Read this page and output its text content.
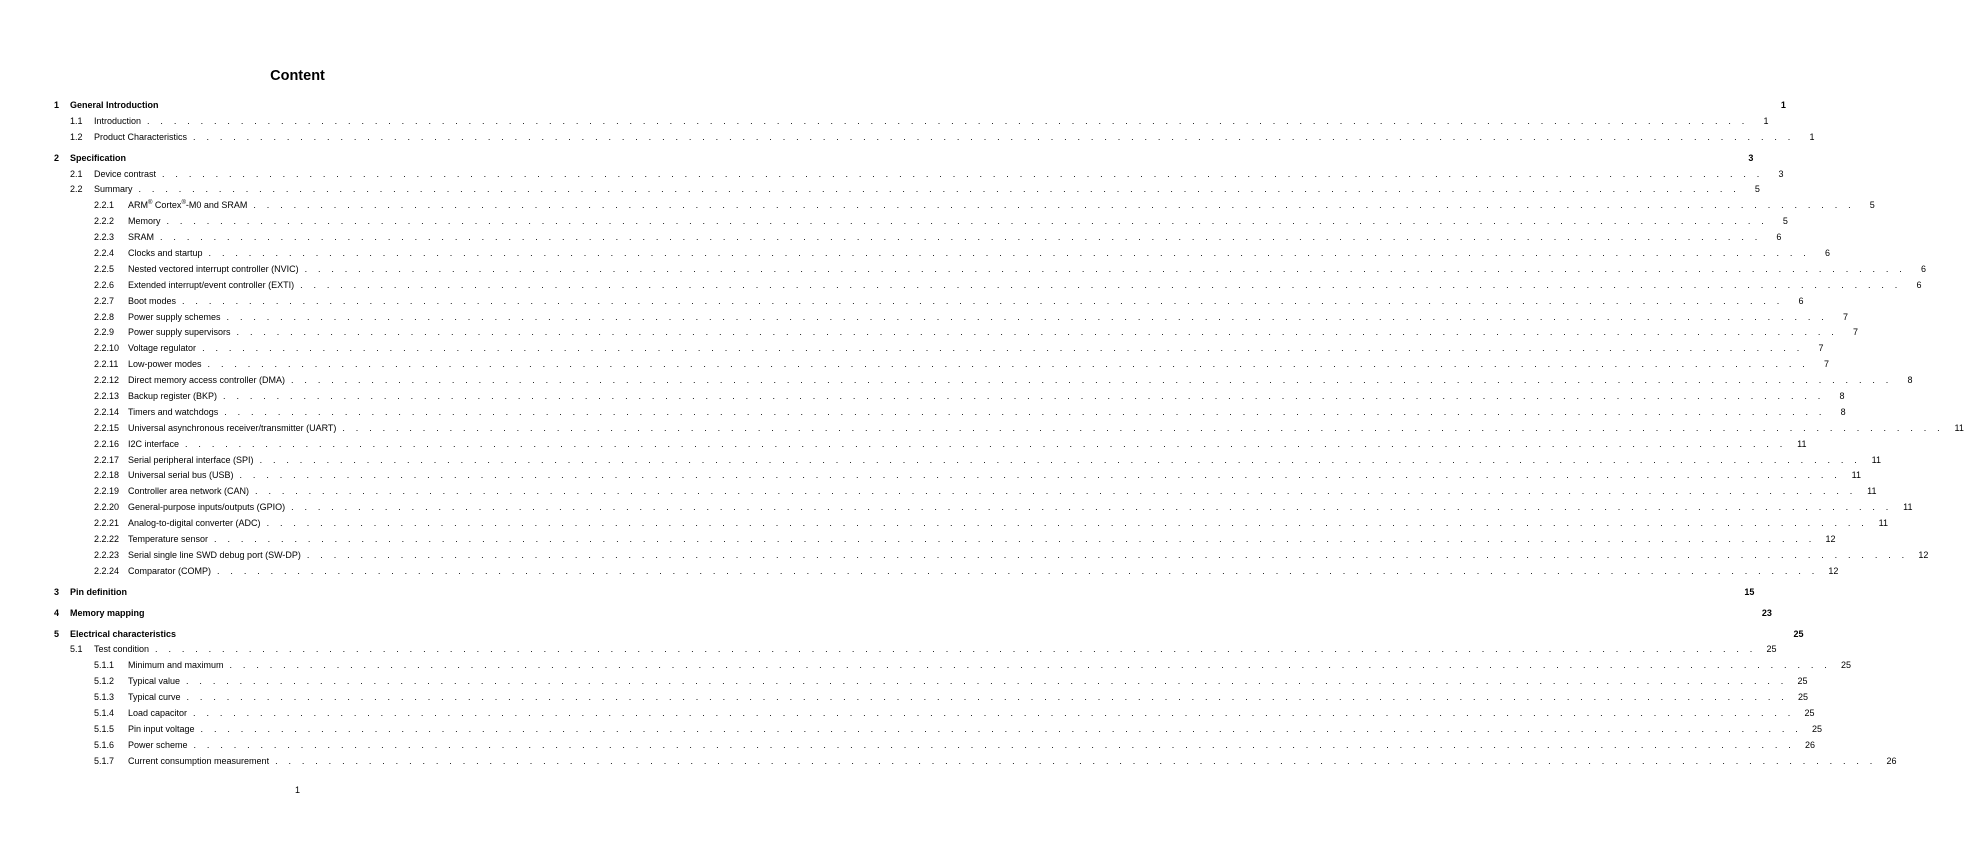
Content
1	General Introduction	1
1.1	Introduction . . . . . . . . . . . . . . . . . . . . . . . . . . . . . . . . . . . . . . . . . . . . . . . . . . . . . . . . . . . . . . . . . . . . . . . . . . . . . . . . . . . . . . . . . . . . . . . . . . . . . . . . . . . . . . . . . . . . . . . .	1
1.2	Product Characteristics . . . . . . . . . . . . . . . . . . . . . . . . . . . . . . . . . . . . . . . . . . . . . . . . . . . . . . . . . . . . . . . . . . . . . . . . . . . . . . . . . . . . . . . . . . . . . . . . . . . . . . . . . . . . . . . . . . . . . . . .	1
2	Specification	3
2.1	Device contrast . . . . . . . . . . . . . . . . . . . . . . . . . . . . . . . . . . . . . . . . . . . . . . . . . . . . . . . . . . . . . . . . . . . . . . . . . . . . . . . . . . . . . . . . . . . . . . . . . . . . . . . . . . . . . . . . . . . . . . . .	3
2.2	Summary . . . . . . . . . . . . . . . . . . . . . . . . . . . . . . . . . . . . . . . . . . . . . . . . . . . . . . . . . . . . . . . . . . . . . . . . . . . . . . . . . . . . . . . . . . . . . . . . . . . . . . . . . . . . . . . . . . . . . . . .	5
2.2.1	ARM® Cortex®-M0 and SRAM . . . . . . . . . . . . . . . . . . . . . . . . . . . . . . . . . . . . . . . . . . . . . . . . . . . . . . . . . . . . . . . . . . . . . . . . . . . . . . . . . . . . . . . . . . . . . . . . . . . . . . . . . . . . . . . . . . . . . . . .	5
2.2.2	Memory . . . . . . . . . . . . . . . . . . . . . . . . . . . . . . . . . . . . . . . . . . . . . . . . . . . . . . . . . . . . . . . . . . . . . . . . . . . . . . . . . . . . . . . . . . . . . . . . . . . . . . . . . . . . . . . . . . . . . . . .	5
2.2.3	SRAM . . . . . . . . . . . . . . . . . . . . . . . . . . . . . . . . . . . . . . . . . . . . . . . . . . . . . . . . . . . . . . . . . . . . . . . . . . . . . . . . . . . . . . . . . . . . . . . . . . . . . . . . . . . . . . . . . . . . . . . .	6
2.2.4	Clocks and startup . . . . . . . . . . . . . . . . . . . . . . . . . . . . . . . . . . . . . . . . . . . . . . . . . . . . . . . . . . . . . . . . . . . . . . . . . . . . . . . . . . . . . . . . . . . . . . . . . . . . . . . . . . . . . . . . . . . . . . . .	6
2.2.5	Nested vectored interrupt controller (NVIC) . . . . . . . . . . . . . . . . . . . . . . . . . . . . . . . . . . . . . . . . . . . . . . . . . . . . . . . . . . . . . . . . . . . . . . . . . . . . . . . . . . . . . . . . . . . . . . . . . . . . . . . . . . . . . . . . . . . . . . . .	6
2.2.6	Extended interrupt/event controller (EXTI) . . . . . . . . . . . . . . . . . . . . . . . . . . . . . . . . . . . . . . . . . . . . . . . . . . . . . . . . . . . . . . . . . . . . . . . . . . . . . . . . . . . . . . . . . . . . . . . . . . . . . . . . . . . . . . . . . . . . . . . .	6
2.2.7	Boot modes . . . . . . . . . . . . . . . . . . . . . . . . . . . . . . . . . . . . . . . . . . . . . . . . . . . . . . . . . . . . . . . . . . . . . . . . . . . . . . . . . . . . . . . . . . . . . . . . . . . . . . . . . . . . . . . . . . . . . . . .	6
2.2.8	Power supply schemes . . . . . . . . . . . . . . . . . . . . . . . . . . . . . . . . . . . . . . . . . . . . . . . . . . . . . . . . . . . . . . . . . . . . . . . . . . . . . . . . . . . . . . . . . . . . . . . . . . . . . . . . . . . . . . . . . . . . . . . .	7
2.2.9	Power supply supervisors . . . . . . . . . . . . . . . . . . . . . . . . . . . . . . . . . . . . . . . . . . . . . . . . . . . . . . . . . . . . . . . . . . . . . . . . . . . . . . . . . . . . . . . . . . . . . . . . . . . . . . . . . . . . . . . . . . . . . . . .	7
2.2.10 Voltage regulator . . . . . . . . . . . . . . . . . . . . . . . . . . . . . . . . . . . . . . . . . . . . . . . . . . . . . . . . . . . . . . . . . . . . . . . . . . . . . . . . . . . . . . . . . . . . . . . . . . . . . . . . . . . . . . . . . . . . . . . .	7
2.2.11	Low-power modes . . . . . . . . . . . . . . . . . . . . . . . . . . . . . . . . . . . . . . . . . . . . . . . . . . . . . . . . . . . . . . . . . . . . . . . . . . . . . . . . . . . . . . . . . . . . . . . . . . . . . . . . . . . . . . . . . . . . . . . .	7
2.2.12 Direct memory access controller (DMA) . . . . . . . . . . . . . . . . . . . . . . . . . . . . . . . . . . . . . . . . . . . . . . . . . . . . . . . . . . . . . . . . . . . . . . . . . . . . . . . . . . . . . . . . . . . . . . . . . . . . . . . . . . . . . . . . . . . . . . . .	8
2.2.13 Backup register (BKP) . . . . . . . . . . . . . . . . . . . . . . . . . . . . . . . . . . . . . . . . . . . . . . . . . . . . . . . . . . . . . . . . . . . . . . . . . . . . . . . . . . . . . . . . . . . . . . . . . . . . . . . . . . . . . . . . . . . . . . . .	8
2.2.14 Timers and watchdogs . . . . . . . . . . . . . . . . . . . . . . . . . . . . . . . . . . . . . . . . . . . . . . . . . . . . . . . . . . . . . . . . . . . . . . . . . . . . . . . . . . . . . . . . . . . . . . . . . . . . . . . . . . . . . . . . . . . . . . . .	8
2.2.15 Universal asynchronous receiver/transmitter (UART) . . . . . . . . . . . . . . . . . . . . . . . . . . . . . . . . . . . . . . . . . . . . . . . . . . . . . . . . . . . . . . . . . . . . . . . . . . . . . . . . . . . . . . . . . . . . . . . . . . . . . . . . . . . . . . . . . . . . . . . .	11
2.2.16 I2C interface . . . . . . . . . . . . . . . . . . . . . . . . . . . . . . . . . . . . . . . . . . . . . . . . . . . . . . . . . . . . . . . . . . . . . . . . . . . . . . . . . . . . . . . . . . . . . . . . . . . . . . . . . . . . . . . . . . . . . . . .	11
2.2.17 Serial peripheral interface (SPI) . . . . . . . . . . . . . . . . . . . . . . . . . . . . . . . . . . . . . . . . . . . . . . . . . . . . . . . . . . . . . . . . . . . . . . . . . . . . . . . . . . . . . . . . . . . . . . . . . . . . . . . . . . . . . . . . . . . . . . . .	11
2.2.18 Universal serial bus (USB) . . . . . . . . . . . . . . . . . . . . . . . . . . . . . . . . . . . . . . . . . . . . . . . . . . . . . . . . . . . . . . . . . . . . . . . . . . . . . . . . . . . . . . . . . . . . . . . . . . . . . . . . . . . . . . . . . . . . . . . .	11
2.2.19 Controller area network (CAN) . . . . . . . . . . . . . . . . . . . . . . . . . . . . . . . . . . . . . . . . . . . . . . . . . . . . . . . . . . . . . . . . . . . . . . . . . . . . . . . . . . . . . . . . . . . . . . . . . . . . . . . . . . . . . . . . . . . . . . . .	11
2.2.20 General-purpose inputs/outputs (GPIO) . . . . . . . . . . . . . . . . . . . . . . . . . . . . . . . . . . . . . . . . . . . . . . . . . . . . . . . . . . . . . . . . . . . . . . . . . . . . . . . . . . . . . . . . . . . . . . . . . . . . . . . . . . . . . . . . . . . . . . . .	11
2.2.21 Analog-to-digital converter (ADC) . . . . . . . . . . . . . . . . . . . . . . . . . . . . . . . . . . . . . . . . . . . . . . . . . . . . . . . . . . . . . . . . . . . . . . . . . . . . . . . . . . . . . . . . . . . . . . . . . . . . . . . . . . . . . . . . . . . . . . . .	11
2.2.22 Temperature sensor . . . . . . . . . . . . . . . . . . . . . . . . . . . . . . . . . . . . . . . . . . . . . . . . . . . . . . . . . . . . . . . . . . . . . . . . . . . . . . . . . . . . . . . . . . . . . . . . . . . . . . . . . . . . . . . . . . . . . . . .	12
2.2.23 Serial single line SWD debug port (SW-DP) . . . . . . . . . . . . . . . . . . . . . . . . . . . . . . . . . . . . . . . . . . . . . . . . . . . . . . . . . . . . . . . . . . . . . . . . . . . . . . . . . . . . . . . . . . . . . . . . . . . . . . . . . . . . . . . . . . . . . . . .	12
2.2.24 Comparator (COMP) . . . . . . . . . . . . . . . . . . . . . . . . . . . . . . . . . . . . . . . . . . . . . . . . . . . . . . . . . . . . . . . . . . . . . . . . . . . . . . . . . . . . . . . . . . . . . . . . . . . . . . . . . . . . . . . . . . . . . . . .	12
3	Pin definition	15
4	Memory mapping	23
5	Electrical characteristics	25
5.1	Test condition . . . . . . . . . . . . . . . . . . . . . . . . . . . . . . . . . . . . . . . . . . . . . . . . . . . . . . . . . . . . . . . . . . . . . . . . . . . . . . . . . . . . . . . . . . . . . . . . . . . . . . . . . . . . . . . . . . . . . . . .	25
5.1.1	Minimum and maximum . . . . . . . . . . . . . . . . . . . . . . . . . . . . . . . . . . . . . . . . . . . . . . . . . . . . . . . . . . . . . . . . . . . . . . . . . . . . . . . . . . . . . . . . . . . . . . . . . . . . . . . . . . . . . . . . . . . . . . . .	25
5.1.2	Typical value . . . . . . . . . . . . . . . . . . . . . . . . . . . . . . . . . . . . . . . . . . . . . . . . . . . . . . . . . . . . . . . . . . . . . . . . . . . . . . . . . . . . . . . . . . . . . . . . . . . . . . . . . . . . . . . . . . . . . . . .	25
5.1.3	Typical curve . . . . . . . . . . . . . . . . . . . . . . . . . . . . . . . . . . . . . . . . . . . . . . . . . . . . . . . . . . . . . . . . . . . . . . . . . . . . . . . . . . . . . . . . . . . . . . . . . . . . . . . . . . . . . . . . . . . . . . . .	25
5.1.4	Load capacitor . . . . . . . . . . . . . . . . . . . . . . . . . . . . . . . . . . . . . . . . . . . . . . . . . . . . . . . . . . . . . . . . . . . . . . . . . . . . . . . . . . . . . . . . . . . . . . . . . . . . . . . . . . . . . . . . . . . . . . . .	25
5.1.5	Pin input voltage . . . . . . . . . . . . . . . . . . . . . . . . . . . . . . . . . . . . . . . . . . . . . . . . . . . . . . . . . . . . . . . . . . . . . . . . . . . . . . . . . . . . . . . . . . . . . . . . . . . . . . . . . . . . . . . . . . . . . . . .	25
5.1.6	Power scheme . . . . . . . . . . . . . . . . . . . . . . . . . . . . . . . . . . . . . . . . . . . . . . . . . . . . . . . . . . . . . . . . . . . . . . . . . . . . . . . . . . . . . . . . . . . . . . . . . . . . . . . . . . . . . . . . . . . . . . . .	26
5.1.7	Current consumption measurement . . . . . . . . . . . . . . . . . . . . . . . . . . . . . . . . . . . . . . . . . . . . . . . . . . . . . . . . . . . . . . . . . . . . . . . . . . . . . . . . . . . . . . . . . . . . . . . . . . . . . . . . . . . . . . . . . . . . . . . .	26
1
